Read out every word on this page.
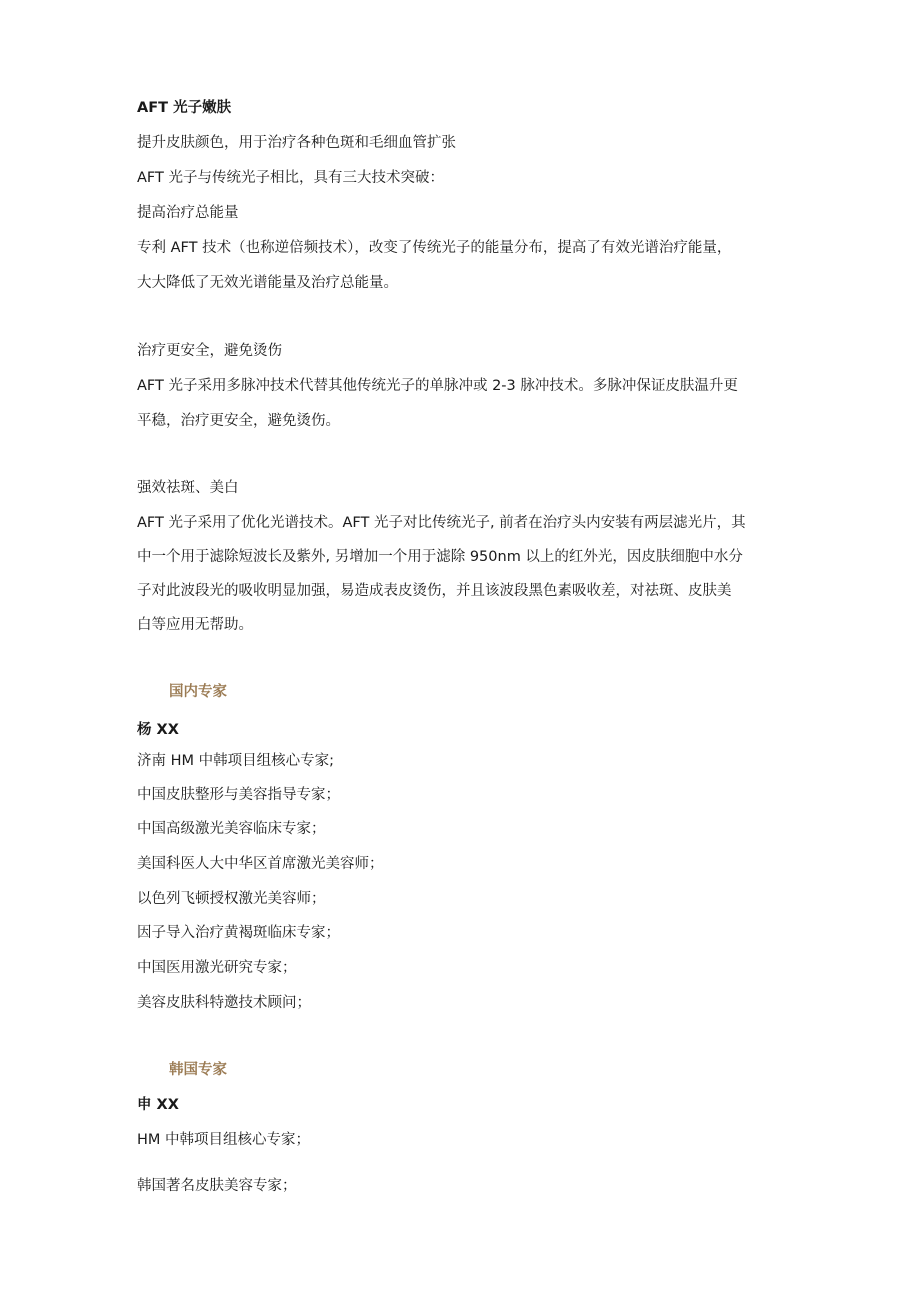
AFT 光子嫩肤
提升皮肤颜色，用于治疗各种色斑和毛细血管扩张
AFT 光子与传统光子相比，具有三大技术突破：
提高治疗总能量
专利 AFT 技术（也称逆倍频技术），改变了传统光子的能量分布，提高了有效光谱治疗能量，
大大降低了无效光谱能量及治疗总能量。
治疗更安全，避免烫伤
AFT 光子采用多脉冲技术代替其他传统光子的单脉冲或 2-3 脉冲技术。多脉冲保证皮肤温升更
平稳，治疗更安全，避免烫伤。
强效祛斑、美白
AFT 光子采用了优化光谱技术。AFT 光子对比传统光子, 前者在治疗头内安装有两层滤光片，其
中一个用于滤除短波长及紫外, 另增加一个用于滤除 950nm 以上的红外光，因皮肤细胞中水分
子对此波段光的吸收明显加强，易造成表皮烫伤，并且该波段黑色素吸收差，对祛斑、皮肤美
白等应用无帮助。
国内专家
杨 XX
济南 HM 中韩项目组核心专家;
中国皮肤整形与美容指导专家；
中国高级激光美容临床专家；
美国科医人大中华区首席激光美容师；
以色列飞顿授权激光美容师；
因子导入治疗黄褐斑临床专家；
中国医用激光研究专家；
美容皮肤科特邀技术顾问；
韩国专家
申 XX
HM 中韩项目组核心专家；
韩国著名皮肤美容专家；
